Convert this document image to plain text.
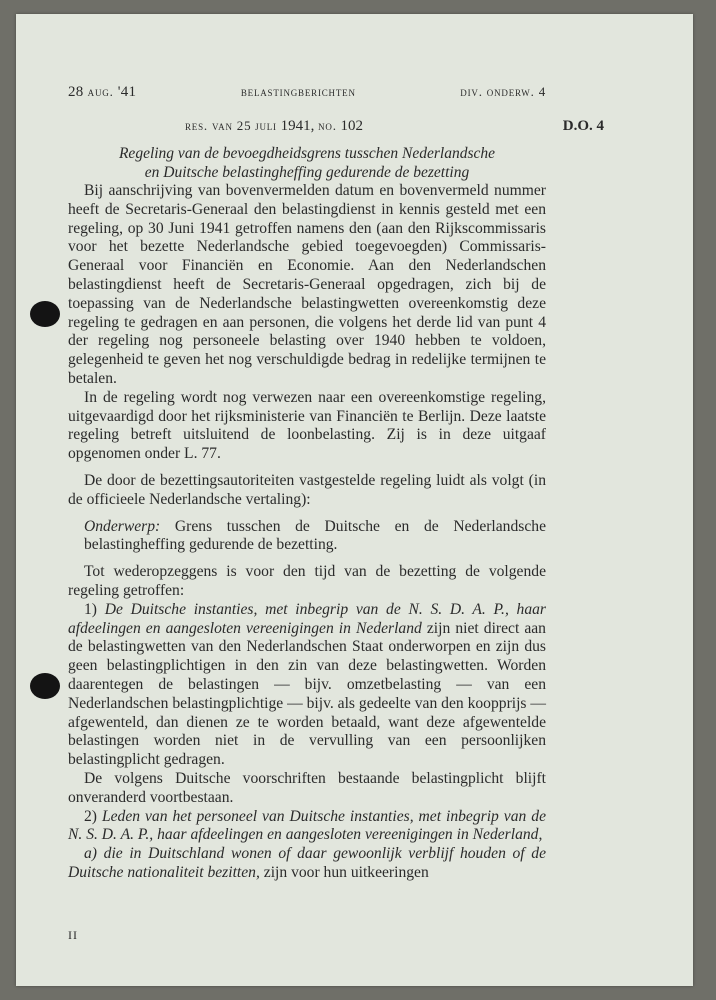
28 aug. '41	belastingberichten	div. onderw. 4
res. van 25 juli 1941, no. 102	D.O. 4
Regeling van de bevoegdheidsgrens tusschen Nederlandsche
en Duitsche belastingheffing gedurende de bezetting

Bij aanschrijving van bovenvermelden datum en bovenvermeld nummer heeft de Secretaris-Generaal den belastingdienst in kennis gesteld met een regeling, op 30 Juni 1941 getroffen namens den (aan den Rijkscommissaris voor het bezette Nederlandsche gebied toegevoegden) Commissaris-Generaal voor Financiën en Economie. Aan den Nederlandschen belastingdienst heeft de Secretaris-Generaal opgedragen, zich bij de toepassing van de Nederlandsche belastingwetten overeenkomstig deze regeling te gedragen en aan personen, die volgens het derde lid van punt 4 der regeling nog personeele belasting over 1940 hebben te voldoen, gelegenheid te geven het nog verschuldigde bedrag in redelijke termijnen te betalen.

In de regeling wordt nog verwezen naar een overeenkomstige regeling, uitgevaardigd door het rijksministerie van Financiën te Berlijn. Deze laatste regeling betreft uitsluitend de loonbelasting. Zij is in deze uitgaaf opgenomen onder L. 77.

De door de bezettingsautoriteiten vastgestelde regeling luidt als volgt (in de officieele Nederlandsche vertaling):

Onderwerp: Grens tusschen de Duitsche en de Nederlandsche belastingheffing gedurende de bezetting.

Tot wederopzeggens is voor den tijd van de bezetting de volgende regeling getroffen:

1) De Duitsche instanties, met inbegrip van de N. S. D. A. P., haar afdeelingen en aangesloten vereenigingen in Nederland zijn niet direct aan de belastingwetten van den Nederlandschen Staat onderworpen en zijn dus geen belastingplichtigen in den zin van deze belastingwetten. Worden daarentegen de belastingen — bijv. omzetbelasting — van een Nederlandschen belastingplichtige — bijv. als gedeelte van den koopprijs — afgewenteld, dan dienen ze te worden betaald, want deze afgewentelde belastingen worden niet in de vervulling van een persoonlijken belastingplicht gedragen.

De volgens Duitsche voorschriften bestaande belastingplicht blijft onveranderd voortbestaan.

2) Leden van het personeel van Duitsche instanties, met inbegrip van de N. S. D. A. P., haar afdeelingen en aangesloten vereenigingen in Nederland,

a) die in Duitschland wonen of daar gewoonlijk verblijf houden of de Duitsche nationaliteit bezitten, zijn voor hun uitkeeringen

II
